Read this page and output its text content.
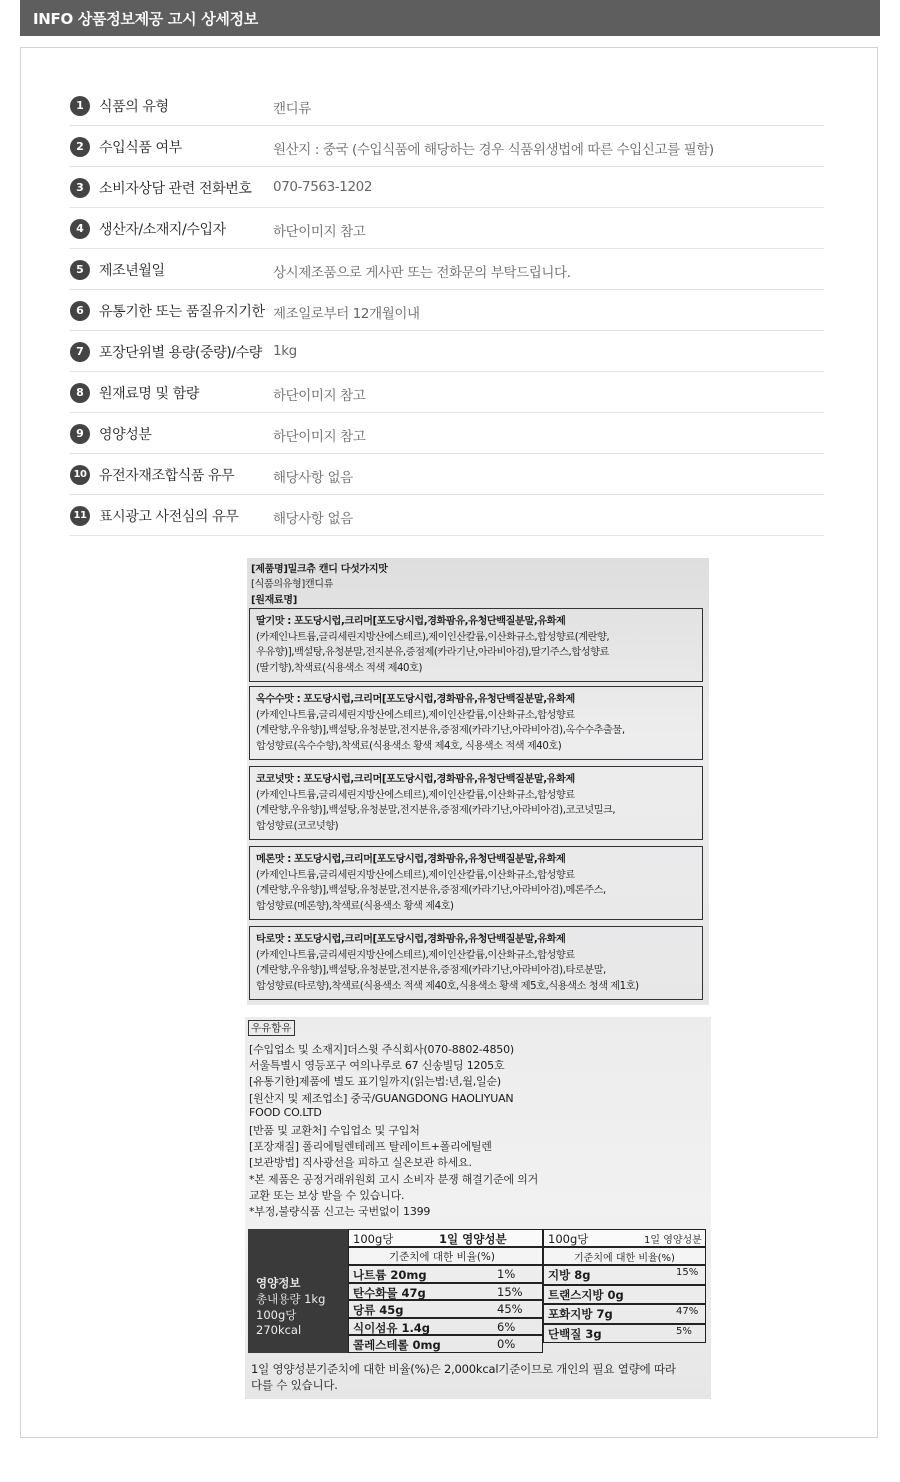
INFO 상품정보제공 고시 상세정보
1	식품의 유형	캔디류
2	수입식품 여부	원산지 : 중국 (수입식품에 해당하는 경우 식품위생법에 따른 수입신고를 필함)
3	소비자상담 관련 전화번호 070-7563-1202
4	생산자/소재지/수입자	하단이미지 참고
5	제조년월일	상시제조품으로 게사판 또는 전화문의 부탁드립니다.
6	유통기한 또는 품질유지기한 제조일로부터 12개월이내
7	포장단위별 용량(중량)/수량 1kg
8	원재료명 및 함량	하단이미지 참고
9	영양성분	하단이미지 참고
10 유전자재조합식품 유무	해당사항 없음
11 표시광고 사전심의 유무	해당사항 없음
[제품명]밀크츄 캔디 다섯가지맛
[식품의유형]캔디류
[원재료명]
딸기맛 : 포도당시럽,크리머[포도당시럽,경화팜유,유청단백질분말,유화제
(카제인나트륨,글리세린지방산에스테르),제이인산칼륨,이산화규소,합성향료(계란향,
우유향)],백설탕,유청분말,전지분유,증점제(카라기난,아라비아검),딸기주스,합성향료
(딸기향),착색료(식용색소 적색 제40호)
옥수수맛 : 포도당시럽,크리머[포도당시럽,경화팜유,유청단백질분말,유화제
(카제인나트륨,글리세린지방산에스테르),제이인산칼륨,이산화규소,합성향료
(계란향,우유향)],백설탕,유청분말,전지분유,증점제(카라기난,아라비아검),옥수수추출물,
합성향료(옥수수향),착색료(식용색소 황색 제4호, 식용색소 적색 제40호)
코코넛맛 : 포도당시럽,크리머[포도당시럽,경화팜유,유청단백질분말,유화제
(카제인나트륨,글리세린지방산에스테르),제이인산칼륨,이산화규소,합성향료
(계란향,우유향)],백설탕,유청분말,전지분유,증점제(카라기난,아라비아검),코코넛밀크,
합성향료(코코넛향)
메론맛 : 포도당시럽,크리머[포도당시럽,경화팜유,유청단백질분말,유화제
(카제인나트륨,글리세린지방산에스테르),제이인산칼륨,이산화규소,합성향료
(계란향,우유향)],백설탕,유청분말,전지분유,증점제(카라기난,아라비아검),메론주스,
합성향료(메론향),착색료(식용색소 황색 제4호)
타로맛 : 포도당시럽,크리머[포도당시럽,경화팜유,유청단백질분말,유화제
(카제인나트륨,글리세린지방산에스테르),제이인산칼륨,이산화규소,합성향료
(계란향,우유향)],백설탕,유청분말,전지분유,증점제(카라기난,아라비아검),타로분말,
합성향료(타로향),착색료(식용색소 적색 제40호,식용색소 황색 제5호,식용색소 청색 제1호)
우유함유
[수입업소 및 소재지]더스윗 주식회사(070-8802-4850)
서울특별시 영등포구 여의나루로 67 신송빌딩 1205호
[유통기한]제품에 별도 표기일까지(읽는법:년,월,일순)
[원산지 및 제조업소] 중국/GUANGDONG HAOLIYUAN
FOOD CO.LTD
[반품 및 교환처] 수입업소 및 구입처
[포장재질] 폴리에틸렌테레프 탈레이트+폴리에틸렌
[보관방법] 직사광선을 피하고 실온보관 하세요.
*본 제품은 공정거래위원회 고시 소비자 분쟁 해결기준에 의거
교환 또는 보상 받을 수 있습니다.
*부정,불량식품 신고는 국번없이 1399
영양정보
총내용량 1kg
100g당
270kcal
100g당	1일 영양성분
기준치에 대한 비율(%)
100g당	1일 영양성분
기준치에 대한 비율(%)
나트륨 20mg	1%
탄수화물 47g	15%
당류 45g	45%
식이섬유 1.4g	6%
콜레스테롤 0mg	0%
지방 8g	15%
트랜스지방 0g
포화지방 7g	47%
단백질 3g	5%
1일 영양성분기준치에 대한 비율(%)은 2,000kcal기준이므로 개인의 필요 열량에 따라
다를 수 있습니다.
